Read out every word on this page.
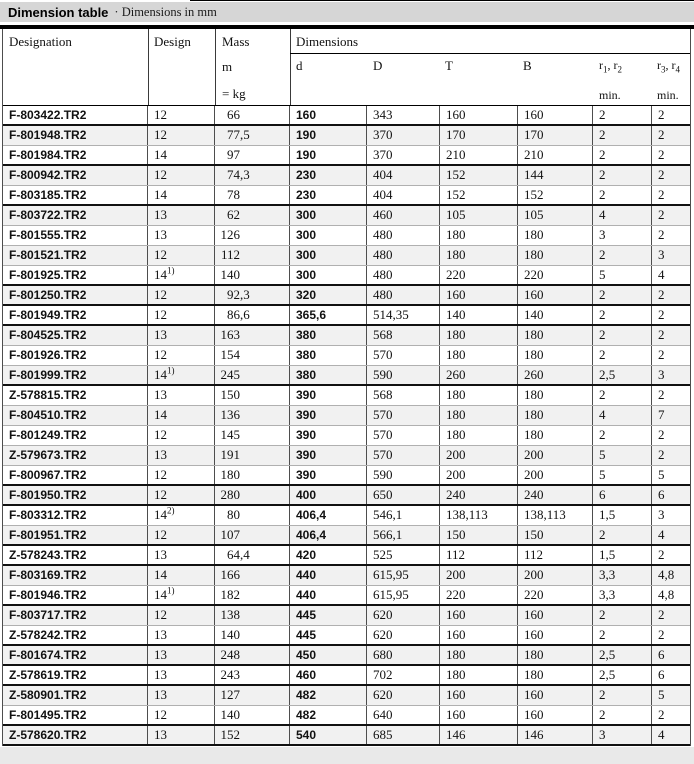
Dimension table · Dimensions in mm
Designation	Design Mass
m
= kg
Dimensions
d	D	T	B	$r_1$, $r_2$	$r_3$, $r_4$
min.	min.
F-803422.TR2	12	66	160	343	160	160	2	2
F-801948.TR2	12	77,5	190	370	170	170	2	2
F-801984.TR2	14	97	190	370	210	210	2	2
F-800942.TR2	12	74,3	230	404	152	144	2	2
F-803185.TR2	14	78	230	404	152	152	2	2
F-803722.TR2	13	62	300	460	105	105	4	2
F-801555.TR2	13	126	300	480	180	180	3	2
F-801521.TR2	12	112	300	480	180	180	2	3
F-801925.TR2	14$^{1)}$	140	300	480	220	220	5	4
F-801250.TR2	12	92,3	320	480	160	160	2	2
F-801949.TR2	12	86,6	365,6	514,35	140	140	2	2
F-804525.TR2	13	163	380	568	180	180	2	2
F-801926.TR2	12	154	380	570	180	180	2	2
F-801999.TR2	14$^{1)}$	245	380	590	260	260	2,5	3
Z-578815.TR2	13	150	390	568	180	180	2	2
F-804510.TR2	14	136	390	570	180	180	4	7
F-801249.TR2	12	145	390	570	180	180	2	2
Z-579673.TR2	13	191	390	570	200	200	5	2
F-800967.TR2	12	180	390	590	200	200	5	5
F-801950.TR2	12	280	400	650	240	240	6	6
F-803312.TR2	14$^{2)}$	80	406,4	546,1	138,113	138,113	1,5	3
F-801951.TR2	12	107	406,4	566,1	150	150	2	4
Z-578243.TR2	13	64,4	420	525	112	112	1,5	2
F-803169.TR2	14	166	440	615,95	200	200	3,3	4,8
F-801946.TR2	14$^{1)}$	182	440	615,95	220	220	3,3	4,8
F-803717.TR2	12	138	445	620	160	160	2	2
Z-578242.TR2	13	140	445	620	160	160	2	2
F-801674.TR2	13	248	450	680	180	180	2,5	6
Z-578619.TR2	13	243	460	702	180	180	2,5	6
Z-580901.TR2	13	127	482	620	160	160	2	5
F-801495.TR2	12	140	482	640	160	160	2	2
Z-578620.TR2	13	152	540	685	146	146	3	4
